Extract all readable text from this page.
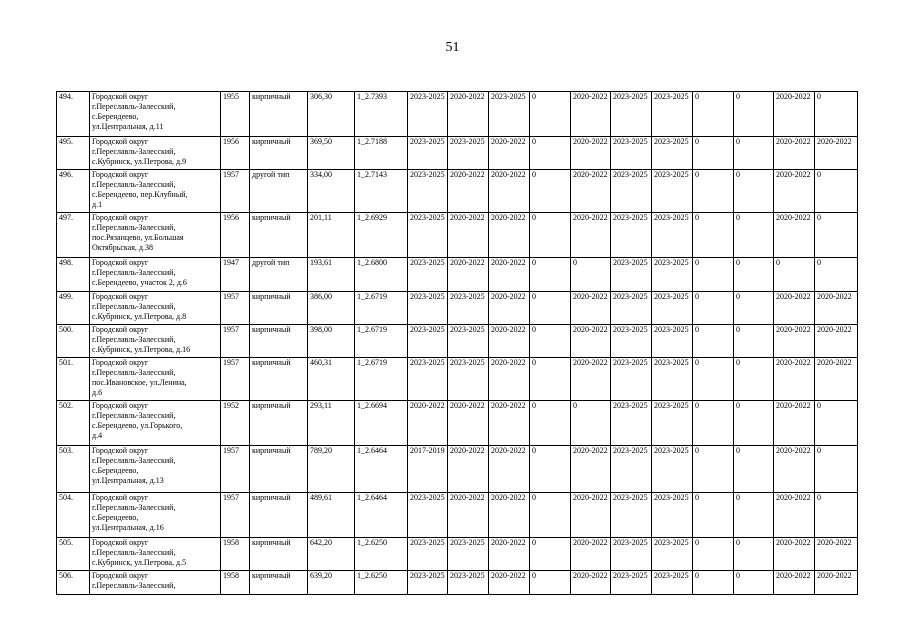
51
494.	Городской округ
г.Переславль-Залесский,
с.Берендеево,
ул.Центральная, д.11	1955	кирпичный	306,30	1_2.7393	2023-2025	2020-2022	2023-2025	0	2020-2022	2023-2025	2023-2025	0	0	2020-2022	0
495.	Городской округ
г.Переславль-Залесский,
с.Кубринск, ул.Петрова, д.9	1956	кирпичный	369,50	1_2.7188	2023-2025	2023-2025	2020-2022	0	2020-2022	2023-2025	2023-2025	0	0	2020-2022	2020-2022
496.	Городской округ
г.Переславль-Залесский,
с.Берендеево, пер.Клубный,
д.1	1957	другой тип	334,00	1_2.7143	2023-2025	2020-2022	2020-2022	0	2020-2022	2023-2025	2023-2025	0	0	2020-2022	0
497.	Городской округ
г.Переславль-Залесский,
пос.Рязанцево, ул.Большая
Октябрьская, д.38	1956	кирпичный	201,11	1_2.6929	2023-2025	2020-2022	2020-2022	0	2020-2022	2023-2025	2023-2025	0	0	2020-2022	0
498.	Городской округ
г.Переславль-Залесский,
с.Берендеево, участок 2, д.6	1947	другой тип	193,61	1_2.6800	2023-2025	2020-2022	2020-2022	0	0	2023-2025	2023-2025	0	0	0	0
499.	Городской округ
г.Переславль-Залесский,
с.Кубринск, ул.Петрова, д.8	1957	кирпичный	386,00	1_2.6719	2023-2025	2023-2025	2020-2022	0	2020-2022	2023-2025	2023-2025	0	0	2020-2022	2020-2022
500.	Городской округ
г.Переславль-Залесский,
с.Кубринск, ул.Петрова, д.16	1957	кирпичный	398,00	1_2.6719	2023-2025	2023-2025	2020-2022	0	2020-2022	2023-2025	2023-2025	0	0	2020-2022	2020-2022
501.	Городской округ
г.Переславль-Залесский,
пос.Ивановское, ул.Ленина,
д.6	1957	кирпичный	460,31	1_2.6719	2023-2025	2023-2025	2020-2022	0	2020-2022	2023-2025	2023-2025	0	0	2020-2022	2020-2022
502.	Городской округ
г.Переславль-Залесский,
с.Берендеево, ул.Горького,
д.4	1952	кирпичный	293,11	1_2.6694	2020-2022	2020-2022	2020-2022	0	0	2023-2025	2023-2025	0	0	2020-2022	0
503.	Городской округ
г.Переславль-Залесский,
с.Берендеево,
ул.Центральная, д.13	1957	кирпичный	789,20	1_2.6464	2017-2019	2020-2022	2020-2022	0	2020-2022	2023-2025	2023-2025	0	0	2020-2022	0
504.	Городской округ
г.Переславль-Залесский,
с.Берендеево,
ул.Центральная, д.16	1957	кирпичный	489,61	1_2.6464	2023-2025	2020-2022	2020-2022	0	2020-2022	2023-2025	2023-2025	0	0	2020-2022	0
505.	Городской округ
г.Переславль-Залесский,
с.Кубринск, ул.Петрова, д.5	1958	кирпичный	642,20	1_2.6250	2023-2025	2023-2025	2020-2022	0	2020-2022	2023-2025	2023-2025	0	0	2020-2022	2020-2022
506.	Городской округ
г.Переславль-Залесский,	1958	кирпичный	639,20	1_2.6250	2023-2025	2023-2025	2020-2022	0	2020-2022	2023-2025	2023-2025	0	0	2020-2022	2020-2022
